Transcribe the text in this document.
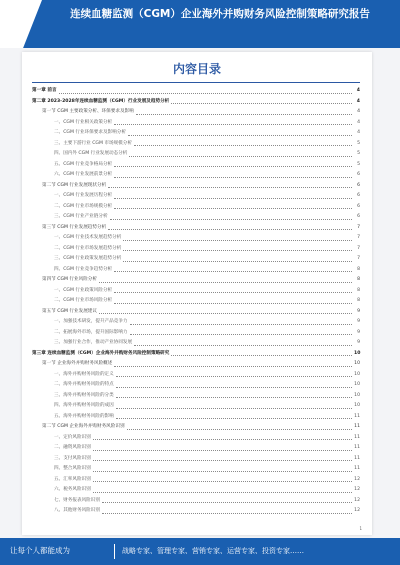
连续血糖监测（CGM）企业海外并购财务风险控制策略研究报告
内容目录
第一章 前言	4
第二章 2023-2028年连续血糖监测（CGM）行业发展及趋势分析	4
第一节 CGM 主要政策分析、环保要求及影响	4
一、CGM 行业相关政策分析	4
二、CGM 行业环保要求及影响分析	4
三、主要下游行业 CGM 市场规模分析	5
四、国内外 CGM 行业发展动态分析	5
五、CGM 行业竞争格局分析	5
六、CGM 行业发展前景分析	6
第二节 CGM 行业发展现状分析	6
一、CGM 行业发展历程分析	6
二、CGM 行业市场规模分析	6
三、CGM 行业产业链分析	6
第三节 CGM 行业发展趋势分析	7
一、CGM 行业技术发展趋势分析	7
二、CGM 行业市场发展趋势分析	7
三、CGM 行业政策发展趋势分析	7
四、CGM 行业竞争趋势分析	8
第四节 CGM 行业风险分析	8
一、CGM 行业政策风险分析	8
二、CGM 行业市场风险分析	8
第五节 CGM 行业发展建议	9
一、加强技术研发，提升产品竞争力	9
二、拓展海外市场，提升国际影响力	9
三、加强行业合作，推动产业协同发展	9
第三章 连续血糖监测（CGM）企业海外并购财务风险控制策略研究	10
第一节 企业海外并购财务风险概述	10
一、海外并购财务风险的定义	10
二、海外并购财务风险的特点	10
三、海外并购财务风险的分类	10
四、海外并购财务风险的成因	10
五、海外并购财务风险的影响	11
第二节 CGM 企业海外并购财务风险识别	11
一、定价风险识别	11
二、融资风险识别	11
三、支付风险识别	11
四、整合风险识别	11
五、汇率风险识别	12
六、税务风险识别	12
七、财务报表风险识别	12
八、其他财务风险识别	12
1
让每个人都能成为	战略专家、管理专家、营销专家、运营专家、投资专家……
